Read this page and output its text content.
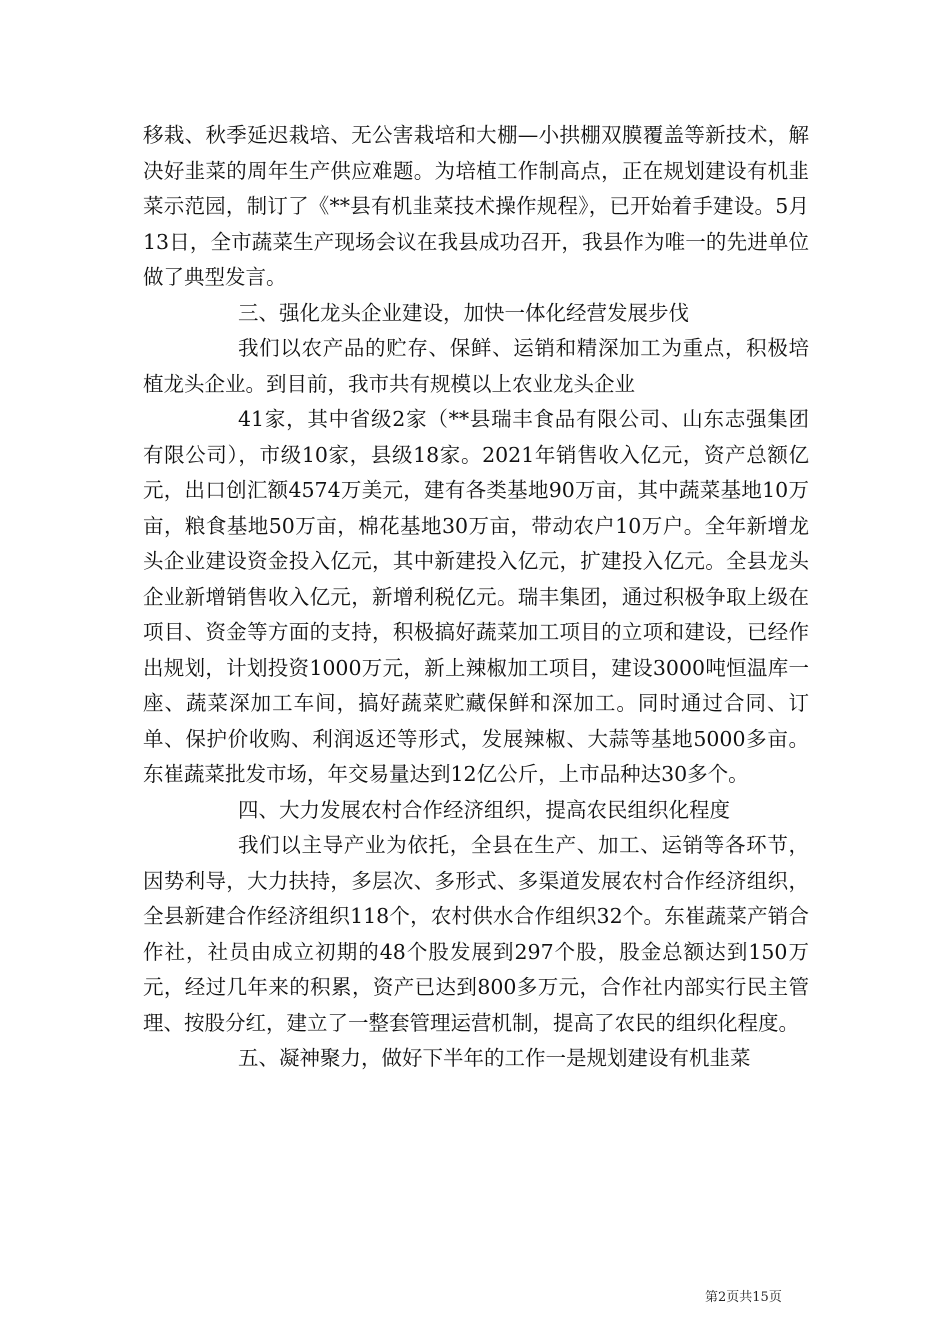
移栽、秋季延迟栽培、无公害栽培和大棚—小拱棚双膜覆盖等新技术，解决好韭菜的周年生产供应难题。为培植工作制高点，正在规划建设有机韭菜示范园，制订了《**县有机韭菜技术操作规程》，已开始着手建设。5月13日，全市蔬菜生产现场会议在我县成功召开，我县作为唯一的先进单位做了典型发言。

三、强化龙头企业建设，加快一体化经营发展步伐

我们以农产品的贮存、保鲜、运销和精深加工为重点，积极培植龙头企业。到目前，我市共有规模以上农业龙头企业

41家，其中省级2家（**县瑞丰食品有限公司、山东志强集团有限公司），市级10家，县级18家。2021年销售收入亿元，资产总额亿元，出口创汇额4574万美元，建有各类基地90万亩，其中蔬菜基地10万亩，粮食基地50万亩，棉花基地30万亩，带动农户10万户。全年新增龙头企业建设资金投入亿元，其中新建投入亿元，扩建投入亿元。全县龙头企业新增销售收入亿元，新增利税亿元。瑞丰集团，通过积极争取上级在项目、资金等方面的支持，积极搞好蔬菜加工项目的立项和建设，已经作出规划，计划投资1000万元，新上辣椒加工项目，建设3000吨恒温库一座、蔬菜深加工车间，搞好蔬菜贮藏保鲜和深加工。同时通过合同、订单、保护价收购、利润返还等形式，发展辣椒、大蒜等基地5000多亩。东崔蔬菜批发市场，年交易量达到12亿公斤，上市品种达30多个。

四、大力发展农村合作经济组织，提高农民组织化程度

我们以主导产业为依托，全县在生产、加工、运销等各环节，因势利导，大力扶持，多层次、多形式、多渠道发展农村合作经济组织，全县新建合作经济组织118个，农村供水合作组织32个。东崔蔬菜产销合作社，社员由成立初期的48个股发展到297个股，股金总额达到150万元，经过几年来的积累，资产已达到800多万元，合作社内部实行民主管理、按股分红，建立了一整套管理运营机制，提高了农民的组织化程度。

五、凝神聚力，做好下半年的工作一是规划建设有机韭菜

第2页共15页
